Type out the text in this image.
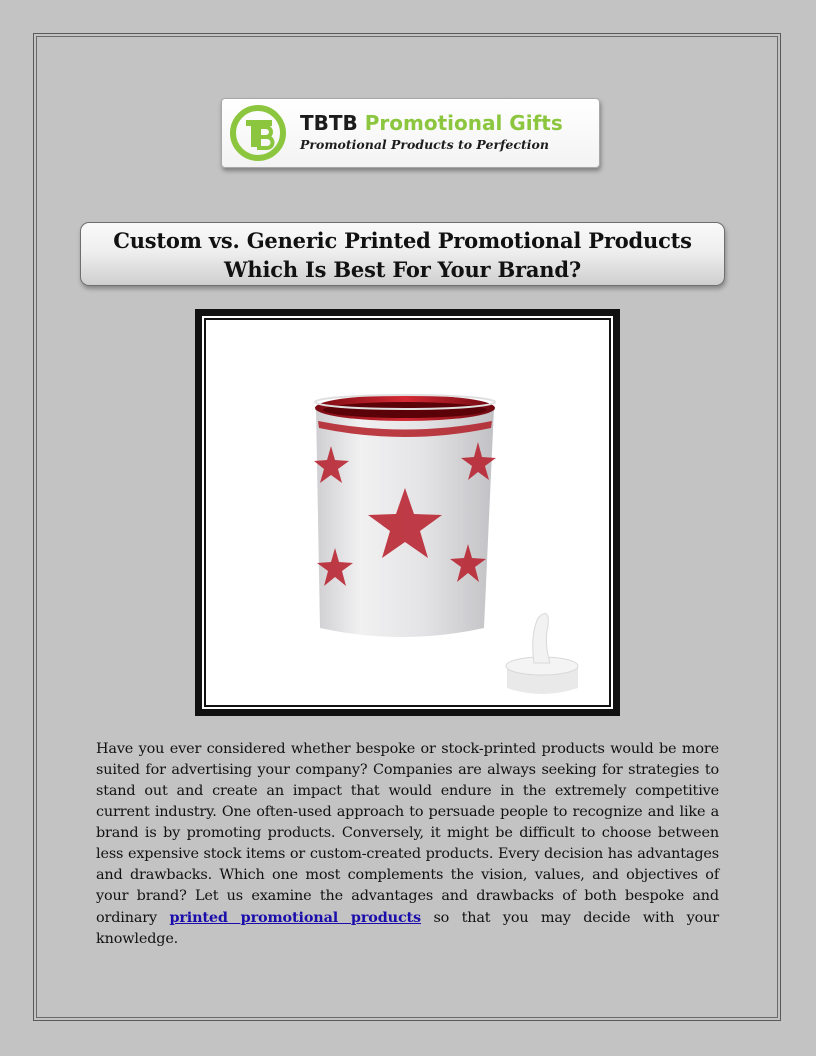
TBTB Promotional Gifts
Promotional Products to Perfection
Custom vs. Generic Printed Promotional Products
Which Is Best For Your Brand?
Have you ever considered whether bespoke or stock-printed products would be more suited for advertising your company? Companies are always seeking for strategies to stand out and create an impact that would endure in the extremely competitive current industry. One often-used approach to persuade people to recognize and like a brand is by promoting products. Conversely, it might be difficult to choose between less expensive stock items or custom-created products. Every decision has advantages and drawbacks. Which one most complements the vision, values, and objectives of your brand? Let us examine the advantages and drawbacks of both bespoke and ordinary printed promotional products so that you may decide with your knowledge.
